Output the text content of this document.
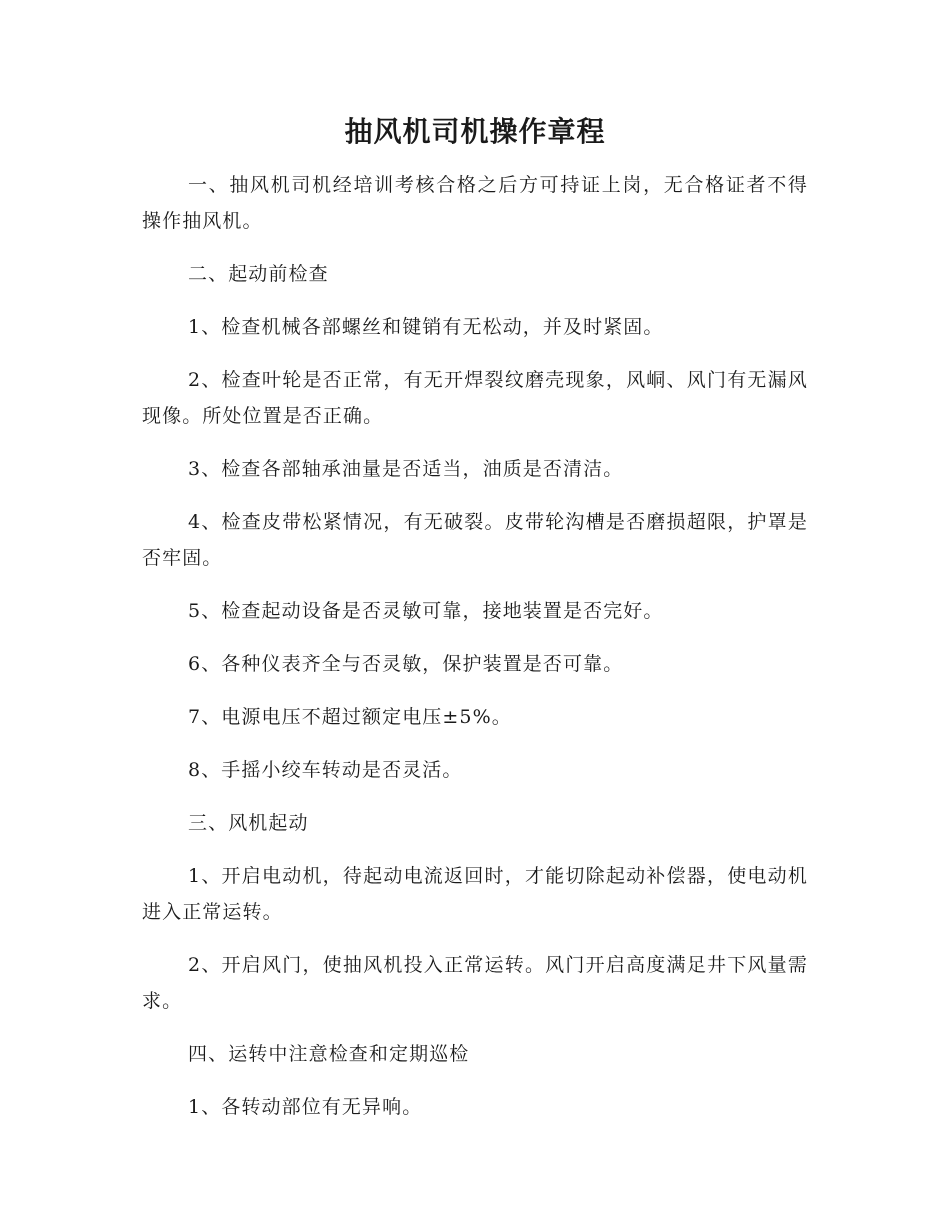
抽风机司机操作章程

一、抽风机司机经培训考核合格之后方可持证上岗，无合格证者不得操作抽风机。

二、起动前检查

1、检查机械各部螺丝和键销有无松动，并及时紧固。

2、检查叶轮是否正常，有无开焊裂纹磨壳现象，风峒、风门有无漏风现像。所处位置是否正确。

3、检查各部轴承油量是否适当，油质是否清洁。

4、检查皮带松紧情况，有无破裂。皮带轮沟槽是否磨损超限，护罩是否牢固。

5、检查起动设备是否灵敏可靠，接地装置是否完好。

6、各种仪表齐全与否灵敏，保护装置是否可靠。

7、电源电压不超过额定电压±5%。

8、手摇小绞车转动是否灵活。

三、风机起动

1、开启电动机，待起动电流返回时，才能切除起动补偿器，使电动机进入正常运转。

2、开启风门，使抽风机投入正常运转。风门开启高度满足井下风量需求。

四、运转中注意检查和定期巡检

1、各转动部位有无异响。
